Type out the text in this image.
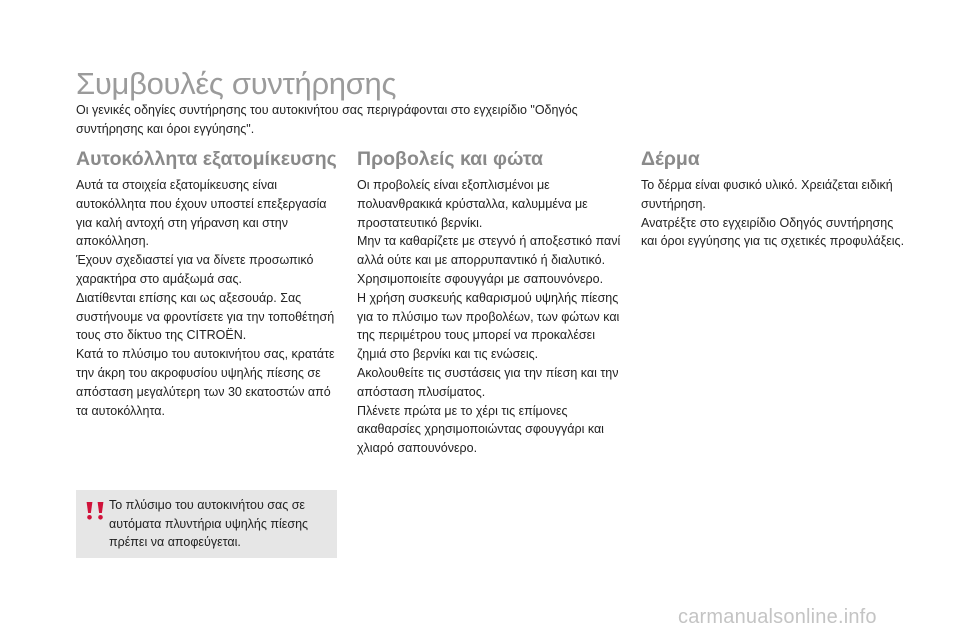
Συμβουλές συντήρησης

Οι γενικές οδηγίες συντήρησης του αυτοκινήτου σας περιγράφονται στο εγχειρίδιο "Οδηγός συντήρησης και όροι εγγύησης".

Αυτοκόλλητα εξατομίκευσης

Αυτά τα στοιχεία εξατομίκευσης είναι αυτοκόλλητα που έχουν υποστεί επεξεργασία για καλή αντοχή στη γήρανση και στην αποκόλληση.

Έχουν σχεδιαστεί για να δίνετε προσωπικό χαρακτήρα στο αμάξωμά σας.

Διατίθενται επίσης και ως αξεσουάρ. Σας συστήνουμε να φροντίσετε για την τοποθέτησή τους στο δίκτυο της CITROËN.

Κατά το πλύσιμο του αυτοκινήτου σας, κρατάτε την άκρη του ακροφυσίου υψηλής πίεσης σε απόσταση μεγαλύτερη των 30 εκατοστών από τα αυτοκόλλητα.

Προβολείς και φώτα

Οι προβολείς είναι εξοπλισμένοι με πολυανθρακικά κρύσταλλα, καλυμμένα με προστατευτικό βερνίκι.

Μην τα καθαρίζετε με στεγνό ή αποξεστικό πανί αλλά ούτε και με απορρυπαντικό ή διαλυτικό.

Χρησιμοποιείτε σφουγγάρι με σαπουνόνερο.

Η χρήση συσκευής καθαρισμού υψηλής πίεσης για το πλύσιμο των προβολέων, των φώτων και της περιμέτρου τους μπορεί να προκαλέσει ζημιά στο βερνίκι και τις ενώσεις.

Ακολουθείτε τις συστάσεις για την πίεση και την απόσταση πλυσίματος.

Πλένετε πρώτα με το χέρι τις επίμονες ακαθαρσίες χρησιμοποιώντας σφουγγάρι και χλιαρό σαπουνόνερο.

Δέρμα

Το δέρμα είναι φυσικό υλικό. Χρειάζεται ειδική συντήρηση.

Ανατρέξτε στο εγχειρίδιο Οδηγός συντήρησης και όροι εγγύησης για τις σχετικές προφυλάξεις.

Το πλύσιμο του αυτοκινήτου σας σε αυτόματα πλυντήρια υψηλής πίεσης πρέπει να αποφεύγεται.

carmanualsonline.info
